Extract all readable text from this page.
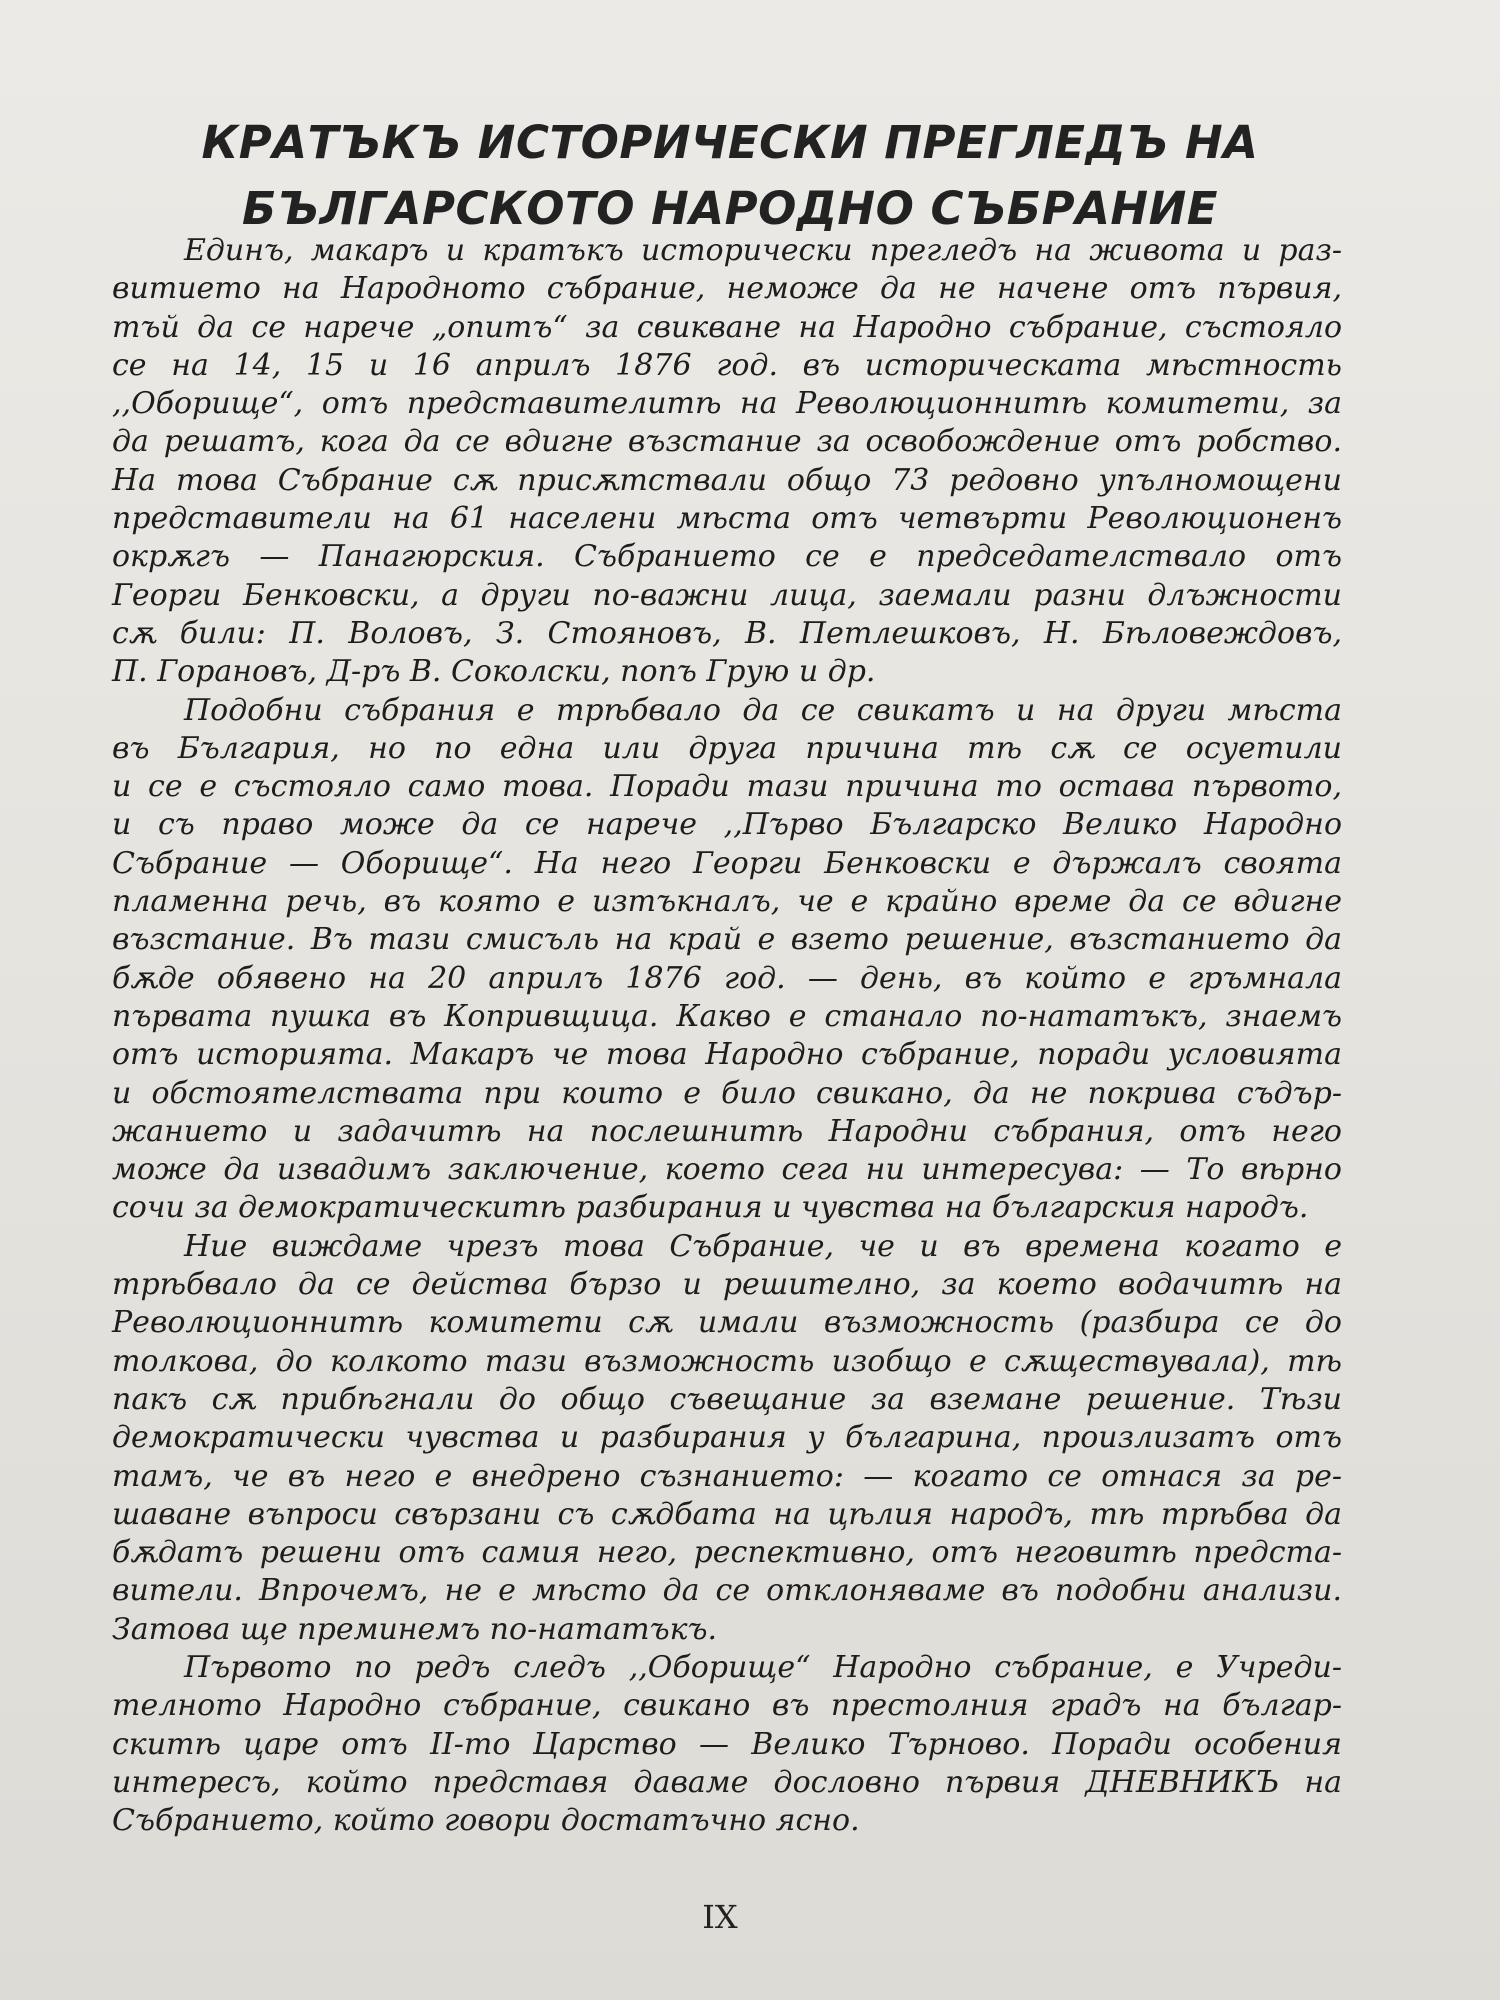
КРАТЪКЪ ИСТОРИЧЕСКИ ПРЕГЛЕДЪ НА
БЪЛГАРСКОТО НАРОДНО СЪБРАНИЕ
Единъ, макаръ и кратъкъ исторически прегледъ на живота и раз-
витието на Народното събрание, неможе да не начене отъ първия,
тъй да се нарече „опитъ“ за свикване на Народно събрание, състояло
се на 14, 15 и 16 априлъ 1876 год. въ историческата мѣстность
,,Оборище“, отъ представителитѣ на Революционнитѣ комитети, за
да решатъ, кога да се вдигне възстание за освобождение отъ робство.
На това Събрание сѫ присѫтствали общо 73 редовно упълномощени
представители на 61 населени мѣста отъ четвърти Революционенъ
окрѫгъ — Панагюрския. Събранието се е председателствало отъ
Георги Бенковски, а други по-важни лица, заемали разни длъжности
сѫ били: П. Воловъ, З. Стояновъ, В. Петлешковъ, Н. Бѣловеждовъ,
П. Горановъ, Д-ръ В. Соколски, попъ Грую и др.
Подобни събрания е трѣбвало да се свикатъ и на други мѣста
въ България, но по една или друга причина тѣ сѫ се осуетили
и се е състояло само това. Поради тази причина то остава първото,
и съ право може да се нарече ,,Първо Българско Велико Народно
Събрание — Оборище“. На него Георги Бенковски е държалъ своята
пламенна речь, въ която е изтъкналъ, че е крайно време да се вдигне
възстание. Въ тази смисъль на край е взето решение, възстанието да
бѫде обявено на 20 априлъ 1876 год. — день, въ който е гръмнала
първата пушка въ Копривщица. Какво е станало по-нататъкъ, знаемъ
отъ историята. Макаръ че това Народно събрание, поради условията
и обстоятелствата при които е било свикано, да не покрива съдър-
жанието и задачитѣ на послешнитѣ Народни събрания, отъ него
може да извадимъ заключение, което сега ни интересува: — То вѣрно
сочи за демократическитѣ разбирания и чувства на българския народъ.
Ние виждаме чрезъ това Събрание, че и въ времена когато е
трѣбвало да се действа бързо и решително, за което водачитѣ на
Революционнитѣ комитети сѫ имали възможность (разбира се до
толкова, до колкото тази възможность изобщо е сѫществувала), тѣ
пакъ сѫ прибѣгнали до общо съвещание за вземане решение. Тѣзи
демократически чувства и разбирания у българина, произлизатъ отъ
тамъ, че въ него е внедрено съзнанието: — когато се отнася за ре-
шаване въпроси свързани съ сѫдбата на цѣлия народъ, тѣ трѣбва да
бѫдатъ решени отъ самия него, респективно, отъ неговитѣ предста-
вители. Впрочемъ, не е мѣсто да се отклоняваме въ подобни анализи.
Затова ще преминемъ по-нататъкъ.
Първото по редъ следъ ,,Оборище“ Народно събрание, е Учреди-
телното Народно събрание, свикано въ престолния градъ на българ-
скитѣ царе отъ II-то Царство — Велико Търново. Поради особения
интересъ, който представя даваме дословно първия ДНЕВНИКЪ на
Събранието, който говори достатъчно ясно.
IX
